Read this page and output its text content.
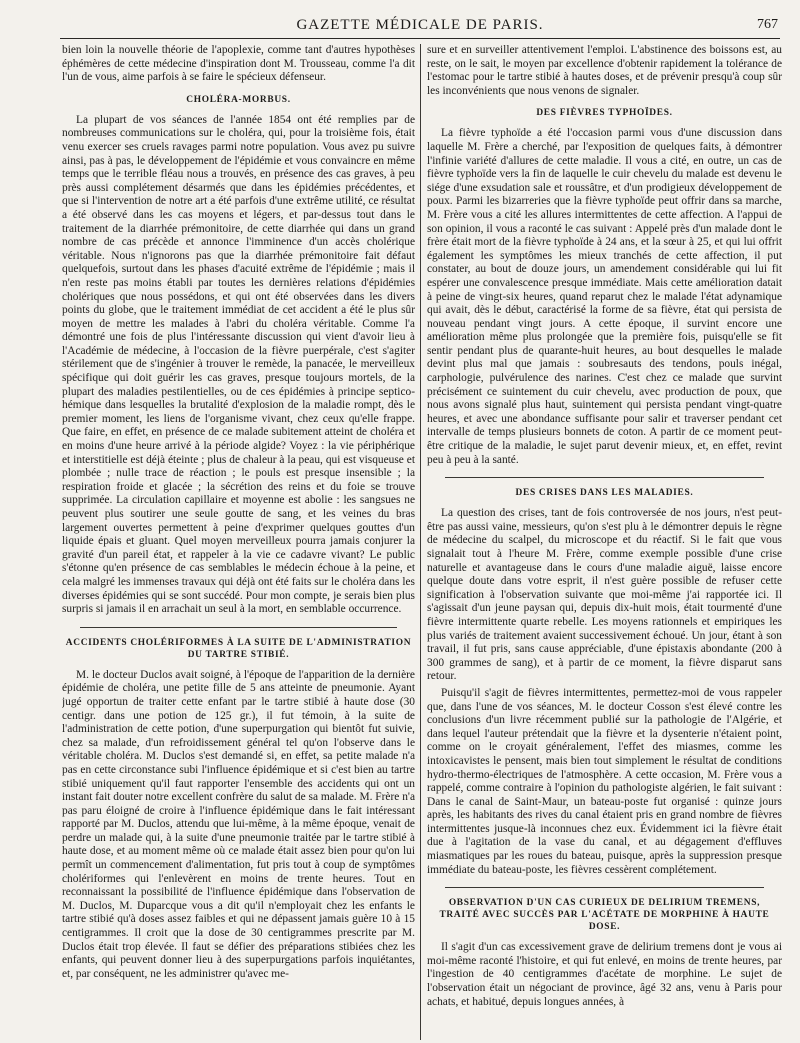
GAZETTE MÉDICALE DE PARIS.	767

bien loin la nouvelle théorie de l'apoplexie, comme tant d'autres hypothèses éphémères de cette médecine d'inspiration dont M. Trousseau, comme l'a dit l'un de vous, aime parfois à se faire le spécieux défenseur.

CHOLÉRA-MORBUS.

La plupart de vos séances de l'année 1854 ont été remplies par de nombreuses communications sur le choléra, qui, pour la troisième fois, était venu exercer ses cruels ravages parmi notre population. Vous avez pu suivre ainsi, pas à pas, le développement de l'épidémie et vous convaincre en même temps que le terrible fléau nous a trouvés, en présence des cas graves, à peu près aussi complétement désarmés que dans les épidémies précédentes, et que si l'intervention de notre art a été parfois d'une extrême utilité, ce résultat a été observé dans les cas moyens et légers, et par-dessus tout dans le traitement de la diarrhée prémonitoire, de cette diarrhée qui dans un grand nombre de cas précède et annonce l'imminence d'un accès cholérique véritable. Nous n'ignorons pas que la diarrhée prémonitoire fait défaut quelquefois, surtout dans les phases d'acuité extrême de l'épidémie ; mais il n'en reste pas moins établi par toutes les dernières relations d'épidémies cholériques que nous possédons, et qui ont été observées dans les divers points du globe, que le traitement immédiat de cet accident a été le plus sûr moyen de mettre les malades à l'abri du choléra véritable. Comme l'a démontré une fois de plus l'intéressante discussion qui vient d'avoir lieu à l'Académie de médecine, à l'occasion de la fièvre puerpérale, c'est s'agiter stérilement que de s'ingénier à trouver le remède, la panacée, le merveilleux spécifique qui doit guérir les cas graves, presque toujours mortels, de la plupart des maladies pestilentielles, ou de ces épidémies à principe septico-hémique dans lesquelles la brutalité d'explosion de la maladie rompt, dès le premier moment, les liens de l'organisme vivant, chez ceux qu'elle frappe. Que faire, en effet, en présence de ce malade subitement atteint de choléra et en moins d'une heure arrivé à la période algide? Voyez : la vie périphérique et interstitielle est déjà éteinte ; plus de chaleur à la peau, qui est visqueuse et plombée ; nulle trace de réaction ; le pouls est presque insensible ; la respiration froide et glacée ; la sécrétion des reins et du foie se trouve supprimée. La circulation capillaire et moyenne est abolie : les sangsues ne peuvent plus soutirer une seule goutte de sang, et les veines du bras largement ouvertes permettent à peine d'exprimer quelques gouttes d'un liquide épais et gluant. Quel moyen merveilleux pourra jamais conjurer la gravité d'un pareil état, et rappeler à la vie ce cadavre vivant? Le public s'étonne qu'en présence de cas semblables le médecin échoue à la peine, et cela malgré les immenses travaux qui déjà ont été faits sur le choléra dans les diverses épidémies qui se sont succédé. Pour mon compte, je serais bien plus surpris si jamais il en arrachait un seul à la mort, en semblable occurrence.

ACCIDENTS CHOLÉRIFORMES À LA SUITE DE L'ADMINISTRATION
DU TARTRE STIBIÉ.

M. le docteur Duclos avait soigné, à l'époque de l'apparition de la dernière épidémie de choléra, une petite fille de 5 ans atteinte de pneumonie. Ayant jugé opportun de traiter cette enfant par le tartre stibié à haute dose (30 centigr. dans une potion de 125 gr.), il fut témoin, à la suite de l'administration de cette potion, d'une superpurgation qui bientôt fut suivie, chez sa malade, d'un refroidissement général tel qu'on l'observe dans le véritable choléra. M. Duclos s'est demandé si, en effet, sa petite malade n'a pas en cette circonstance subi l'influence épidémique et si c'est bien au tartre stibié uniquement qu'il faut rapporter l'ensemble des accidents qui ont un instant fait douter notre excellent confrère du salut de sa malade. M. Frère n'a pas paru éloigné de croire à l'influence épidémique dans le fait intéressant rapporté par M. Duclos, attendu que lui-même, à la même époque, venait de perdre un malade qui, à la suite d'une pneumonie traitée par le tartre stibié à haute dose, et au moment même où ce malade était assez bien pour qu'on lui permît un commencement d'alimentation, fut pris tout à coup de symptômes cholériformes qui l'enlevèrent en moins de trente heures. Tout en reconnaissant la possibilité de l'influence épidémique dans l'observation de M. Duclos, M. Duparcque vous a dit qu'il n'employait chez les enfants le tartre stibié qu'à doses assez faibles et qui ne dépassent jamais guère 10 à 15 centigrammes. Il croit que la dose de 30 centigrammes prescrite par M. Duclos était trop élevée. Il faut se défier des préparations stibiées chez les enfants, qui peuvent donner lieu à des superpurgations parfois inquiétantes, et, par conséquent, ne les administrer qu'avec me-

sure et en surveiller attentivement l'emploi. L'abstinence des boissons est, au reste, on le sait, le moyen par excellence d'obtenir rapidement la tolérance de l'estomac pour le tartre stibié à hautes doses, et de prévenir presqu'à coup sûr les inconvénients que nous venons de signaler.

DES FIÈVRES TYPHOÏDES.

La fièvre typhoïde a été l'occasion parmi vous d'une discussion dans laquelle M. Frère a cherché, par l'exposition de quelques faits, à démontrer l'infinie variété d'allures de cette maladie. Il vous a cité, en outre, un cas de fièvre typhoïde vers la fin de laquelle le cuir chevelu du malade est devenu le siége d'une exsudation sale et roussâtre, et d'un prodigieux développement de poux. Parmi les bizarreries que la fièvre typhoïde peut offrir dans sa marche, M. Frère vous a cité les allures intermittentes de cette affection. A l'appui de son opinion, il vous a raconté le cas suivant : Appelé près d'un malade dont le frère était mort de la fièvre typhoïde à 24 ans, et la sœur à 25, et qui lui offrit également les symptômes les mieux tranchés de cette affection, il put constater, au bout de douze jours, un amendement considérable qui lui fit espérer une convalescence presque immédiate. Mais cette amélioration datait à peine de vingt-six heures, quand reparut chez le malade l'état adynamique qui avait, dès le début, caractérisé la forme de sa fièvre, état qui persista de nouveau pendant vingt jours. A cette époque, il survint encore une amélioration même plus prolongée que la première fois, puisqu'elle se fit sentir pendant plus de quarante-huit heures, au bout desquelles le malade devint plus mal que jamais : soubresauts des tendons, pouls inégal, carphologie, pulvérulence des narines. C'est chez ce malade que survint précisément ce suintement du cuir chevelu, avec production de poux, que nous avons signalé plus haut, suintement qui persista pendant vingt-quatre heures, et avec une abondance suffisante pour salir et traverser pendant cet intervalle de temps plusieurs bonnets de coton. A partir de ce moment peut-être critique de la maladie, le sujet parut devenir mieux, et, en effet, revint peu à peu à la santé.

DES CRISES DANS LES MALADIES.

La question des crises, tant de fois controversée de nos jours, n'est peut-être pas aussi vaine, messieurs, qu'on s'est plu à le démontrer depuis le règne de médecine du scalpel, du microscope et du réactif. Si le fait que vous signalait tout à l'heure M. Frère, comme exemple possible d'une crise naturelle et avantageuse dans le cours d'une maladie aiguë, laisse encore quelque doute dans votre esprit, il n'est guère possible de refuser cette signification à l'observation suivante que moi-même j'ai rapportée ici. Il s'agissait d'un jeune paysan qui, depuis dix-huit mois, était tourmenté d'une fièvre intermittente quarte rebelle. Les moyens rationnels et empiriques les plus variés de traitement avaient successivement échoué. Un jour, étant à son travail, il fut pris, sans cause appréciable, d'une épistaxis abondante (200 à 300 grammes de sang), et à partir de ce moment, la fièvre disparut sans retour.

Puisqu'il s'agit de fièvres intermittentes, permettez-moi de vous rappeler que, dans l'une de vos séances, M. le docteur Cosson s'est élevé contre les conclusions d'un livre récemment publié sur la pathologie de l'Algérie, et dans lequel l'auteur prétendait que la fièvre et la dysenterie n'étaient point, comme on le croyait généralement, l'effet des miasmes, comme les intoxicavistes le pensent, mais bien tout simplement le résultat de conditions hydro-thermo-électriques de l'atmosphère. A cette occasion, M. Frère vous a rappelé, comme contraire à l'opinion du pathologiste algérien, le fait suivant : Dans le canal de Saint-Maur, un bateau-poste fut organisé : quinze jours après, les habitants des rives du canal étaient pris en grand nombre de fièvres intermittentes jusque-là inconnues chez eux. Évidemment ici la fièvre était due à l'agitation de la vase du canal, et au dégagement d'effluves miasmatiques par les roues du bateau, puisque, après la suppression presque immédiate du bateau-poste, les fièvres cessèrent complétement.

OBSERVATION D'UN CAS CURIEUX DE DELIRIUM TREMENS,
TRAITÉ AVEC SUCCÈS PAR L'ACÉTATE DE MORPHINE À HAUTE DOSE.

Il s'agit d'un cas excessivement grave de delirium tremens dont je vous ai moi-même raconté l'histoire, et qui fut enlevé, en moins de trente heures, par l'ingestion de 40 centigrammes d'acétate de morphine. Le sujet de l'observation était un négociant de province, âgé 32 ans, venu à Paris pour achats, et habitué, depuis longues années, à
